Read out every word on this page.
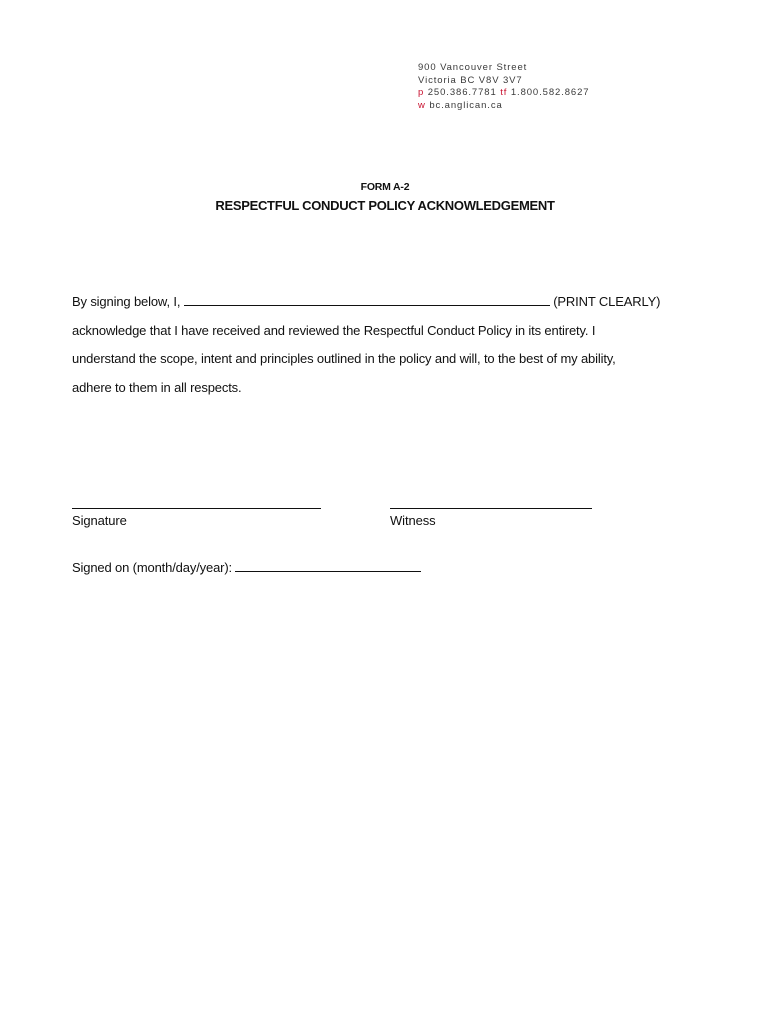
900 Vancouver Street
Victoria BC V8V 3V7
p 250.386.7781 tf 1.800.582.8627
w bc.anglican.ca
FORM A-2
RESPECTFUL CONDUCT POLICY ACKNOWLEDGEMENT
By signing below, I,	(PRINT CLEARLY)
acknowledge that I have received and reviewed the Respectful Conduct Policy in its entirety. I
understand the scope, intent and principles outlined in the policy and will, to the best of my ability,
adhere to them in all respects.
Signature	Witness
Signed on (month/day/year):
